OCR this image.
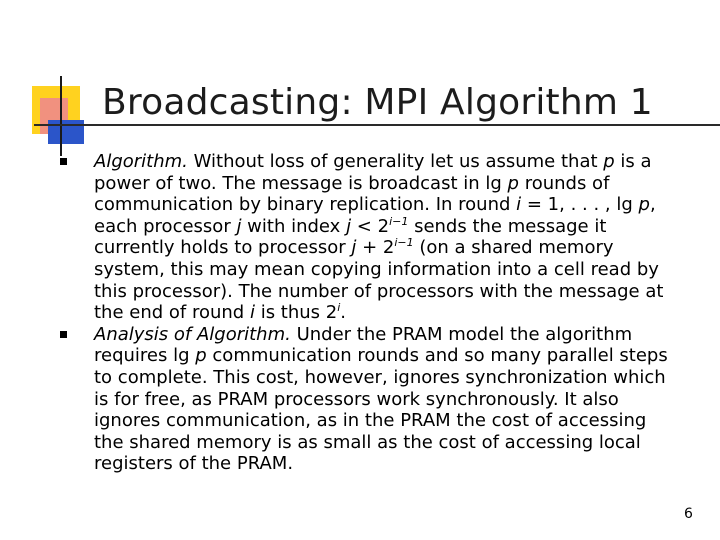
Broadcasting: MPI Algorithm 1

Algorithm. Without loss of generality let us assume that p is a power of two. The message is broadcast in lg p rounds of communication by binary replication. In round i = 1, . . . , lg p, each processor j with index $j < 2^{i-1}$ sends the message it currently holds to processor $j + 2^{i-1}$ (on a shared memory system, this may mean copying information into a cell read by this processor). The number of processors with the message at the end of round i is thus 2$^i$.

Analysis of Algorithm. Under the PRAM model the algorithm requires lg p communication rounds and so many parallel steps to complete. This cost, however, ignores synchronization which is for free, as PRAM processors work synchronously. It also ignores communication, as in the PRAM the cost of accessing the shared memory is as small as the cost of accessing local registers of the PRAM.

6
